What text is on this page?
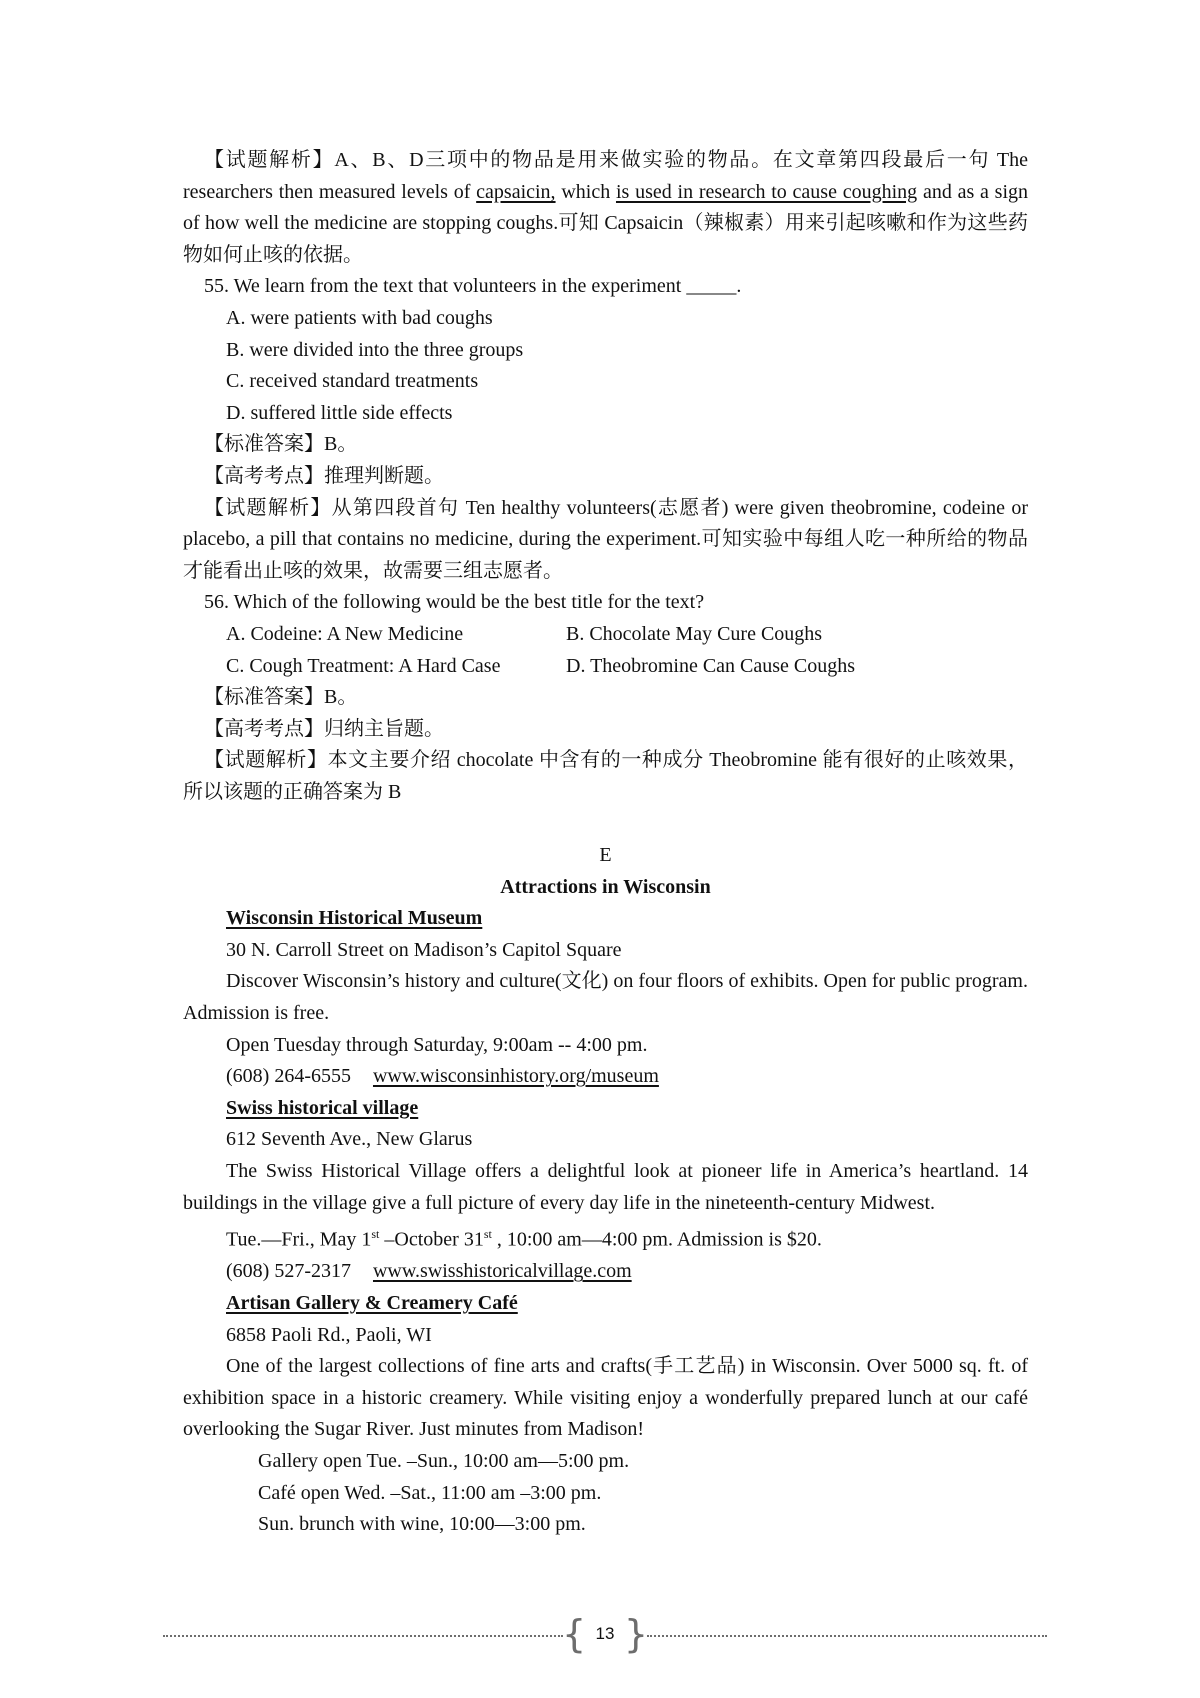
【试题解析】A、B、D三项中的物品是用来做实验的物品。在文章第四段最后一句 The researchers then measured levels of capsaicin, which is used in research to cause coughing and as a sign of how well the medicine are stopping coughs.可知 Capsaicin（辣椒素）用来引起咳嗽和作为这些药物如何止咳的依据。

55. We learn from the text that volunteers in the experiment _____.

A. were patients with bad coughs

B. were divided into the three groups

C. received standard treatments

D. suffered little side effects

【标准答案】B。

【高考考点】推理判断题。

【试题解析】从第四段首句 Ten healthy volunteers(志愿者) were given theobromine, codeine or placebo, a pill that contains no medicine, during the experiment.可知实验中每组人吃一种所给的物品才能看出止咳的效果，故需要三组志愿者。

56. Which of the following would be the best title for the text?

A. Codeine: A New Medicine	B. Chocolate May Cure Coughs
C. Cough Treatment: A Hard Case	D. Theobromine Can Cause Coughs

【标准答案】B。

【高考考点】归纳主旨题。

【试题解析】本文主要介绍 chocolate 中含有的一种成分 Theobromine 能有很好的止咳效果，所以该题的正确答案为 B

E

Attractions in Wisconsin

Wisconsin Historical Museum

30 N. Carroll Street on Madison’s Capitol Square

Discover Wisconsin’s history and culture(文化) on four floors of exhibits. Open for public program. Admission is free.

Open Tuesday through Saturday, 9:00am -- 4:00 pm.

(608) 264-6555 www.wisconsinhistory.org/museum

Swiss historical village

612 Seventh Ave., New Glarus

The Swiss Historical Village offers a delightful look at pioneer life in America’s heartland. 14 buildings in the village give a full picture of every day life in the nineteenth-century Midwest.

Tue.—Fri., May 1st –October 31st , 10:00 am—4:00 pm. Admission is $20.

(608) 527-2317 www.swisshistoricalvillage.com

Artisan Gallery & Creamery Café

6858 Paoli Rd., Paoli, WI

One of the largest collections of fine arts and crafts(手工艺品) in Wisconsin. Over 5000 sq. ft. of exhibition space in a historic creamery. While visiting enjoy a wonderfully prepared lunch at our café overlooking the Sugar River. Just minutes from Madison!

Gallery open Tue. –Sun., 10:00 am—5:00 pm.

Café open Wed. –Sat., 11:00 am –3:00 pm.

Sun. brunch with wine, 10:00—3:00 pm.

{ 13 }
